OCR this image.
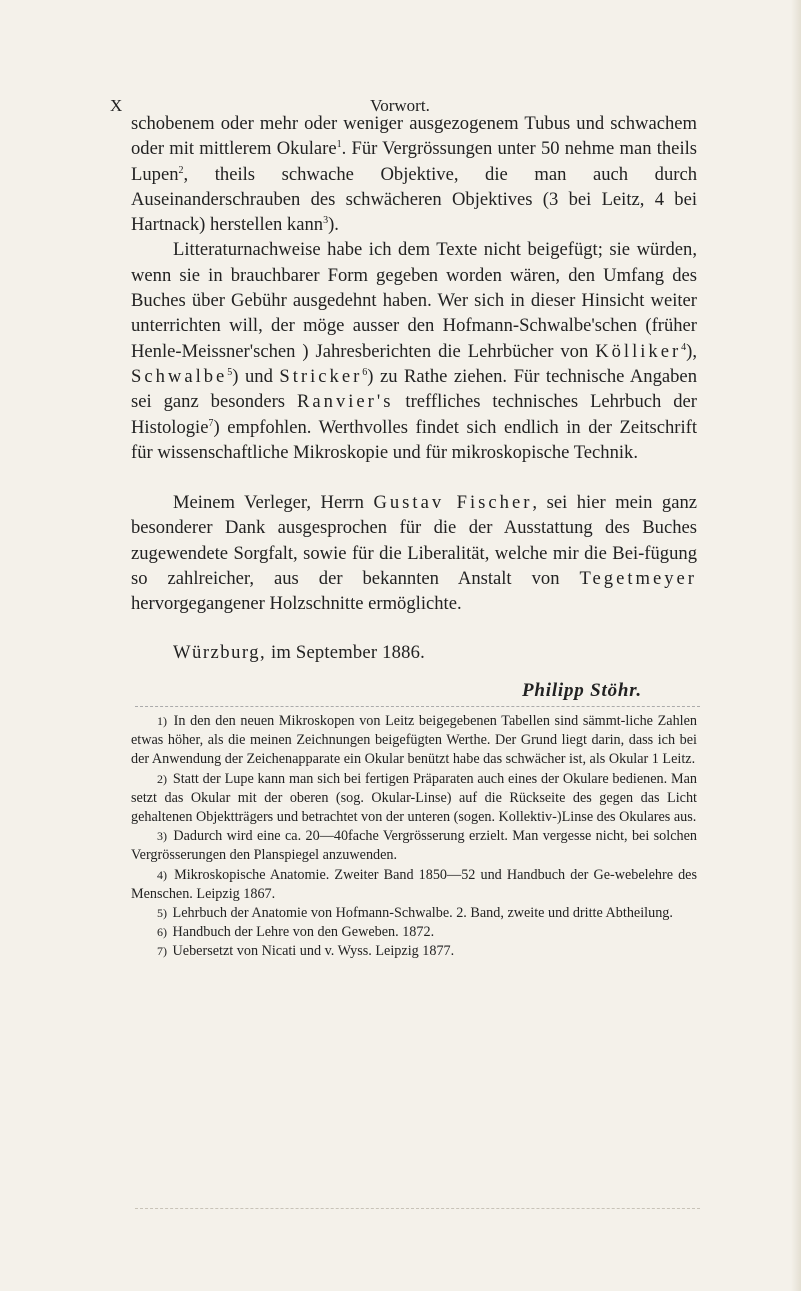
X	Vorwort.

schobenem oder mehr oder weniger ausgezogenem Tubus und schwachem oder mit mittlerem Okulare$^1$. Für Vergrössungen unter 50 nehme man theils Lupen$^2$, theils schwache Objektive, die man auch durch Auseinanderschrauben des schwächeren Objektives (3 bei Leitz, 4 bei Hartnack) herstellen kann$^3$).

Litteraturnachweise habe ich dem Texte nicht beigefügt; sie würden, wenn sie in brauchbarer Form gegeben worden wären, den Umfang des Buches über Gebühr ausgedehnt haben. Wer sich in dieser Hinsicht weiter unterrichten will, der möge ausser den Hofmann-Schwalbe'schen (früher Henle-Meissner'schen ) Jahresberichten die Lehrbücher von Kölliker$^4$), Schwalbe$^5$) und Stricker$^6$) zu Rathe ziehen. Für technische Angaben sei ganz besonders Ranvier's treffliches technisches Lehrbuch der Histologie$^7$) empfohlen. Werthvolles findet sich endlich in der Zeitschrift für wissenschaftliche Mikroskopie und für mikroskopische Technik.

Meinem Verleger, Herrn Gustav Fischer, sei hier mein ganz besonderer Dank ausgesprochen für die der Ausstattung des Buches zugewendete Sorgfalt, sowie für die Liberalität, welche mir die Bei-fügung so zahlreicher, aus der bekannten Anstalt von Tegetmeyer hervorgegangener Holzschnitte ermöglichte.

Würzburg, im September 1886.

Philipp Stöhr.

1) In den den neuen Mikroskopen von Leitz beigegebenen Tabellen sind sämmt-liche Zahlen etwas höher, als die meinen Zeichnungen beigefügten Werthe. Der Grund liegt darin, dass ich bei der Anwendung der Zeichenapparate ein Okular benützt habe das schwächer ist, als Okular 1 Leitz.

2) Statt der Lupe kann man sich bei fertigen Präparaten auch eines der Okulare bedienen. Man setzt das Okular mit der oberen (sog. Okular-Linse) auf die Rückseite des gegen das Licht gehaltenen Objektträgers und betrachtet von der unteren (sogen. Kollektiv-)Linse des Okulares aus.

3) Dadurch wird eine ca. 20—40fache Vergrösserung erzielt. Man vergesse nicht, bei solchen Vergrösserungen den Planspiegel anzuwenden.

4) Mikroskopische Anatomie. Zweiter Band 1850—52 und Handbuch der Ge-webelehre des Menschen. Leipzig 1867.

5) Lehrbuch der Anatomie von Hofmann-Schwalbe. 2. Band, zweite und dritte Abtheilung.

6) Handbuch der Lehre von den Geweben. 1872.

7) Uebersetzt von Nicati und v. Wyss. Leipzig 1877.
